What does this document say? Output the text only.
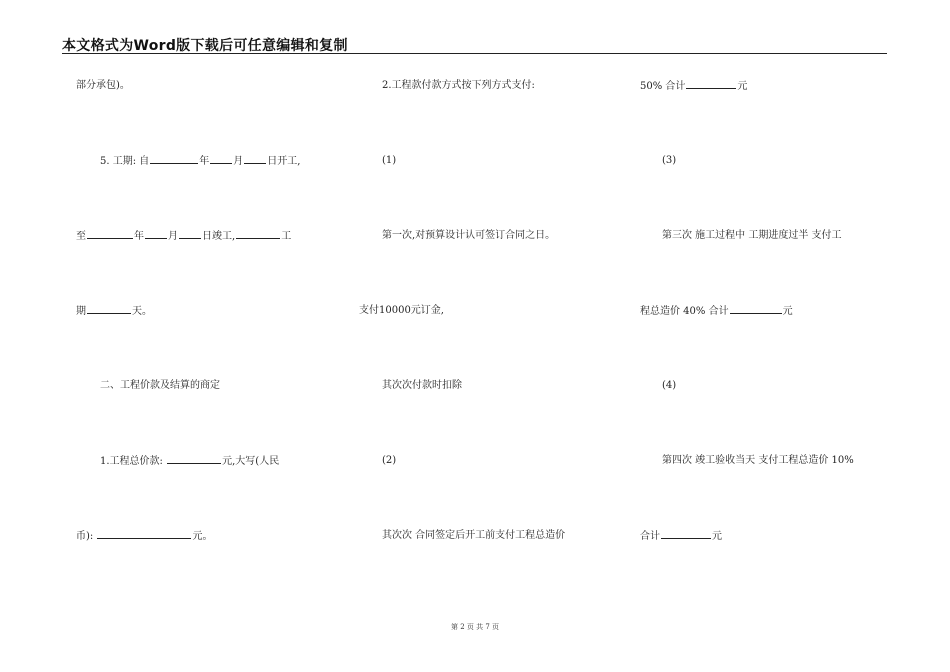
本文格式为Word版下载后可任意编辑和复制
部分承包)。
5. 工期: 自	年 月 日开工,
至	年 月 日竣工,	工
期	天。
二、工程价款及结算的商定
1.工程总价款:	元,大写(人民
币):	元。
2.工程款付款方式按下列方式支付:
(1)
第一次,对预算设计认可签订合同之日。
支付10000元订金,
其次次付款时扣除
(2)
其次次 合同签定后开工前支付工程总造价
50% 合计	元
(3)
第三次 施工过程中 工期进度过半 支付工
程总造价 40% 合计	元
(4)
第四次 竣工验收当天 支付工程总造价 10%
合计	元
第 2 页 共 7 页
